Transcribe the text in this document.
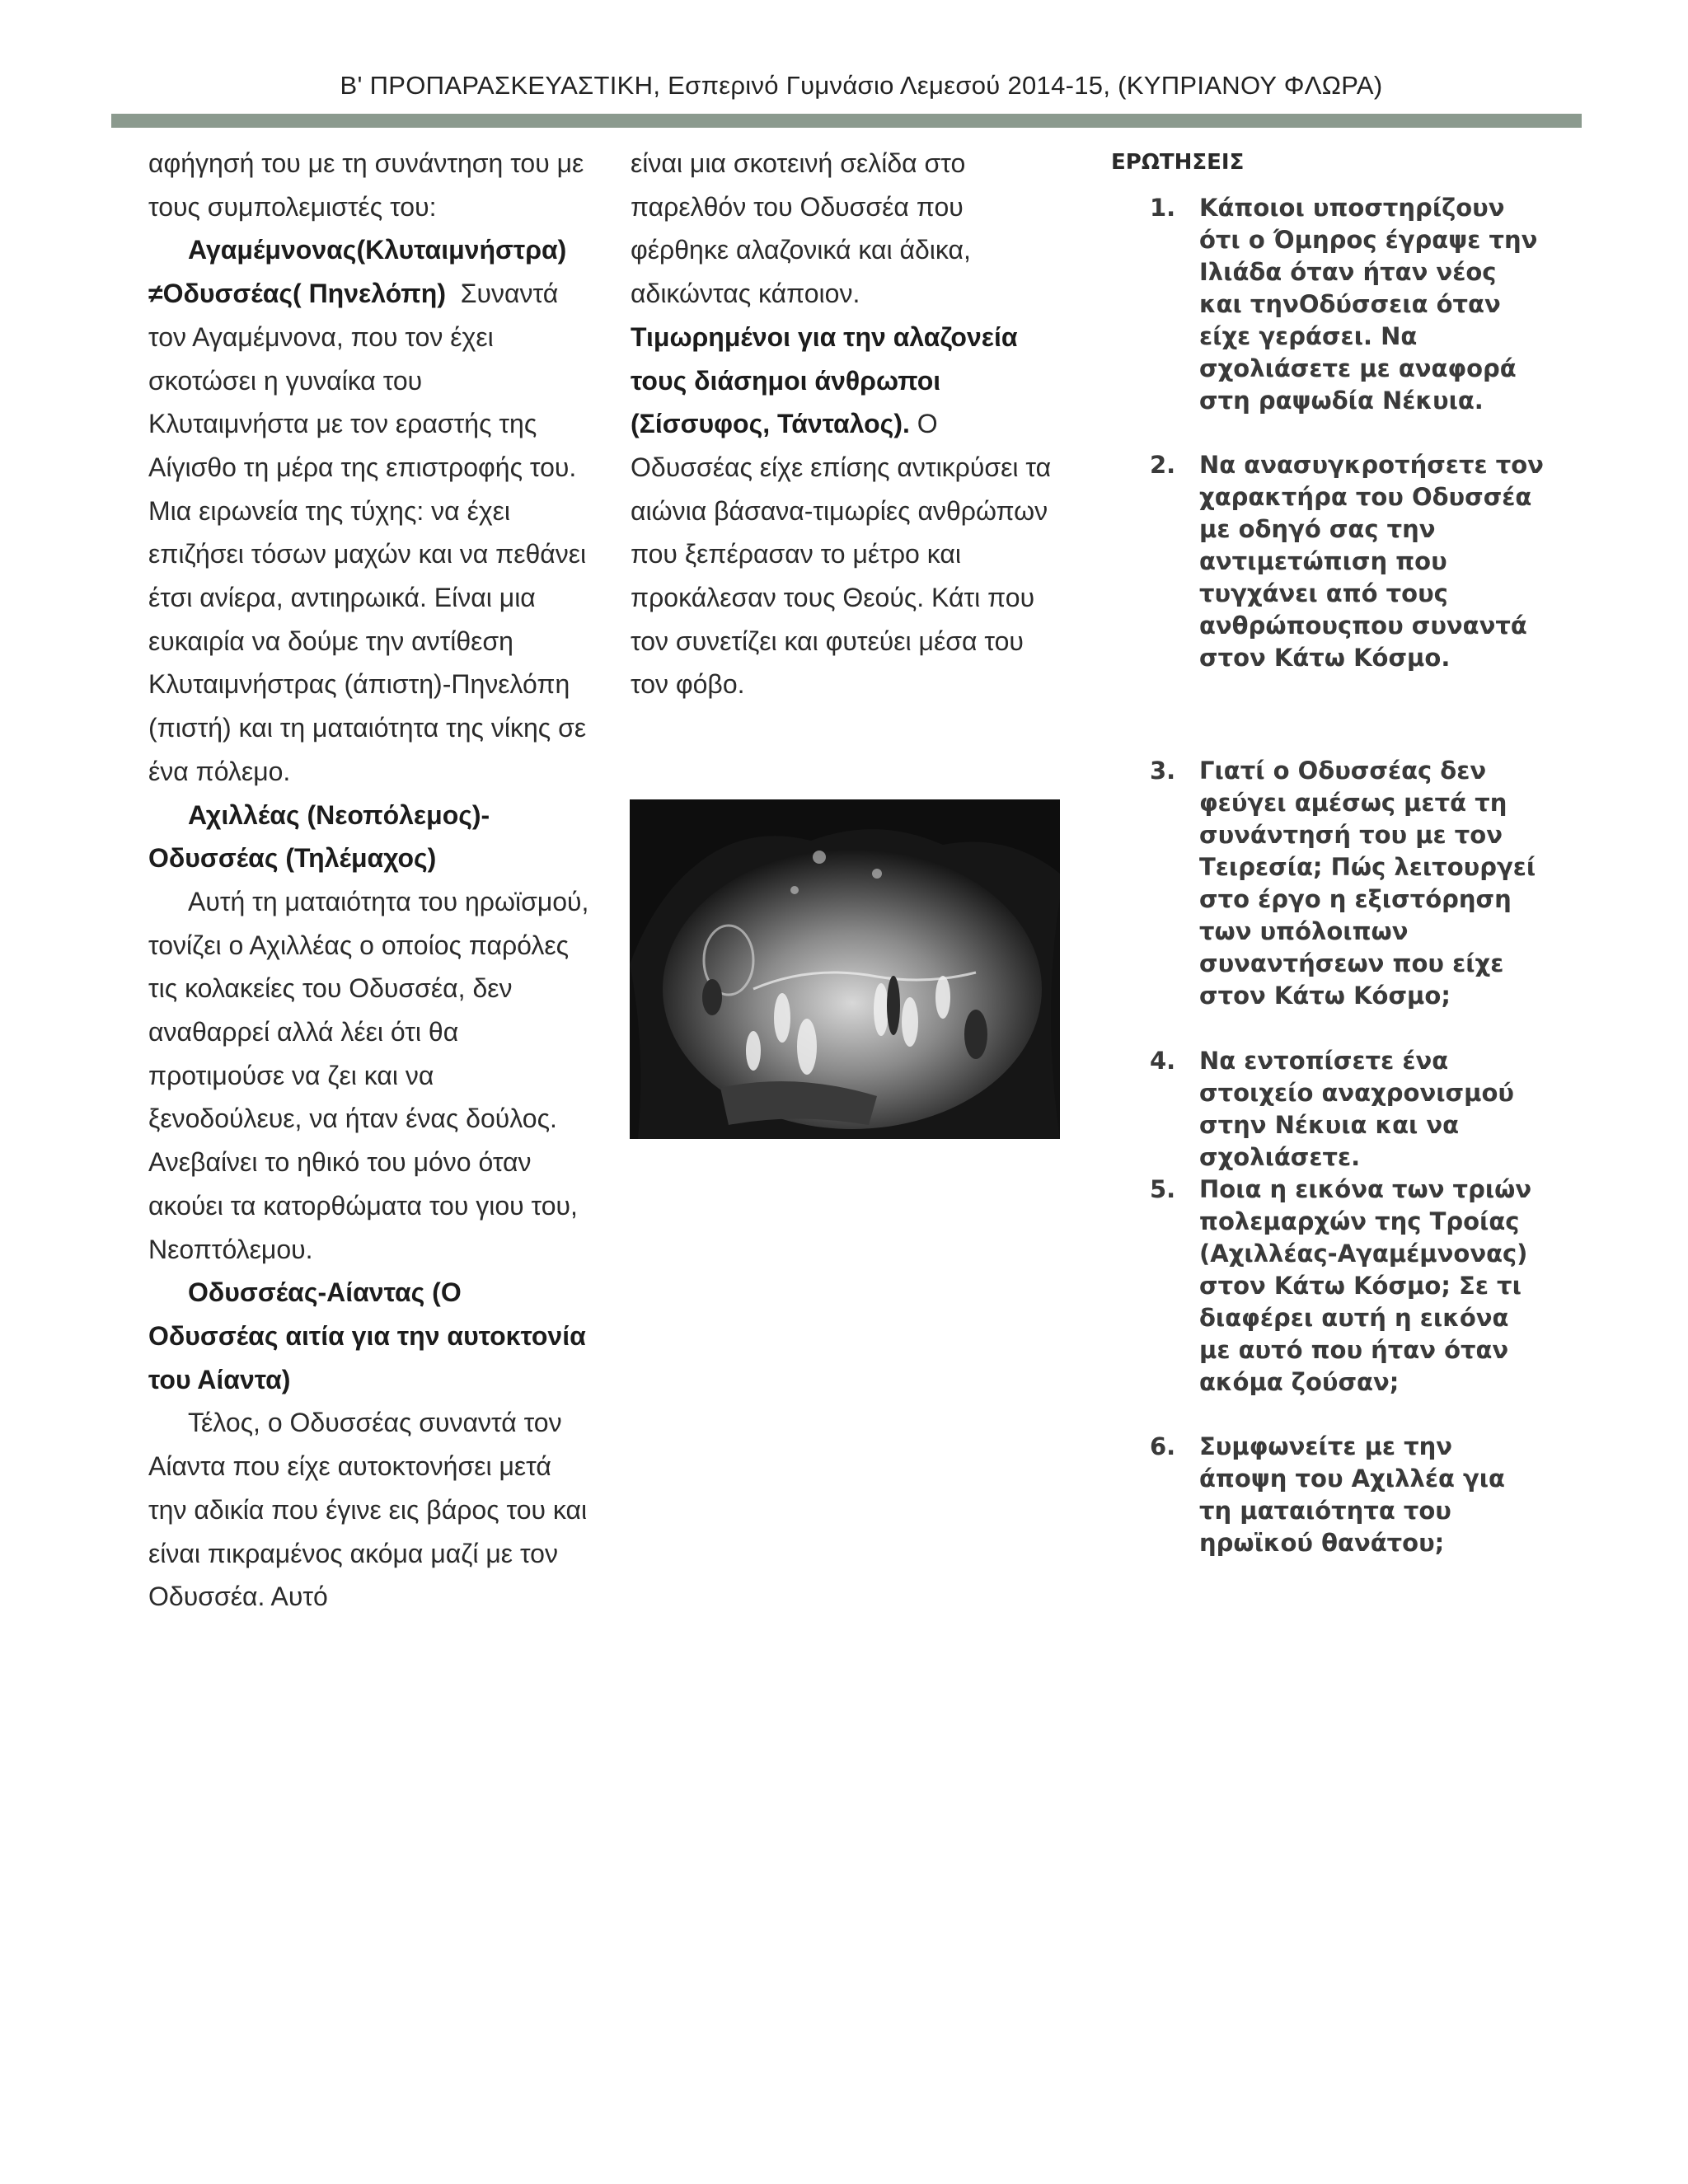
Β' ΠΡΟΠΑΡΑΣΚΕΥΑΣΤΙΚΗ, Εσπερινό Γυμνάσιο Λεμεσού 2014-15, (ΚΥΠΡΙΑΝΟΥ ΦΛΩΡΑ)

αφήγησή του με τη συνάντηση του με τους συμπολεμιστές του:

Αγαμέμνονας(Κλυταιμνήστρα) ≠Οδυσσέας( Πηνελόπη) Συναντά τον Αγαμέμνονα, που τον έχει σκοτώσει η γυναίκα του Κλυταιμνήστα με τον εραστής της Αίγισθο τη μέρα της επιστροφής του. Μια ειρωνεία της τύχης: να έχει επιζήσει τόσων μαχών και να πεθάνει έτσι ανίερα, αντιηρωικά. Είναι μια ευκαιρία να δούμε την αντίθεση Κλυταιμνήστρας (άπιστη)-Πηνελόπη (πιστή) και τη ματαιότητα της νίκης σε ένα πόλεμο.

Αχιλλέας (Νεοπόλεμος)-Οδυσσέας (Τηλέμαχος)

Αυτή τη ματαιότητα του ηρωϊσμού, τονίζει ο Αχιλλέας ο οποίος παρόλες τις κολακείες του Οδυσσέα, δεν αναθαρρεί αλλά λέει ότι θα προτιμούσε να ζει και να ξενοδούλευε, να ήταν ένας δούλος. Ανεβαίνει το ηθικό του μόνο όταν ακούει τα κατορθώματα του γιου του, Νεοπτόλεμου.

Οδυσσέας-Αίαντας (Ο Οδυσσέας αιτία για την αυτοκτονία του Αίαντα)

Τέλος, ο Οδυσσέας συναντά τον Αίαντα που είχε αυτοκτονήσει μετά την αδικία που έγινε εις βάρος του και είναι πικραμένος ακόμα μαζί με τον Οδυσσέα. Αυτό

είναι μια σκοτεινή σελίδα στο παρελθόν του Οδυσσέα που φέρθηκε αλαζονικά και άδικα, αδικώντας κάποιον.

Τιμωρημένοι για την αλαζονεία τους διάσημοι άνθρωποι (Σίσσυφος, Τάνταλος). Ο Οδυσσέας είχε επίσης αντικρύσει τα αιώνια βάσανα-τιμωρίες ανθρώπων που ξεπέρασαν το μέτρο και προκάλεσαν τους Θεούς. Κάτι που τον συνετίζει και φυτεύει μέσα του τον φόβο.

ΕΡΩΤΗΣΕΙΣ
1. Κάποιοι υποστηρίζουν ότι ο Όμηρος έγραψε την Ιλιάδα όταν ήταν νέος και τηνΟδύσσεια όταν είχε γεράσει. Να σχολιάσετε με αναφορά στη ραψωδία Νέκυια.
2. Να ανασυγκροτήσετε τον χαρακτήρα του Οδυσσέα με οδηγό σας την αντιμετώπιση που τυγχάνει από τους ανθρώπουςπου συναντά στον Κάτω Κόσμο.
3. Γιατί ο Οδυσσέας δεν φεύγει αμέσως μετά τη συνάντησή του με τον Τειρεσία; Πώς λειτουργεί στο έργο η εξιστόρηση των υπόλοιπων συναντήσεων που είχε στον Κάτω Κόσμο;
4. Να εντοπίσετε ένα στοιχείο αναχρονισμού στην Νέκυια και να σχολιάσετε.
5. Ποια η εικόνα των τριών πολεμαρχών της Τροίας (Αχιλλέας-Αγαμέμνονας) στον Κάτω Κόσμο; Σε τι διαφέρει αυτή η εικόνα με αυτό που ήταν όταν ακόμα ζούσαν;
6. Συμφωνείτε με την άποψη του Αχιλλέα για τη ματαιότητα του ηρωϊκού θανάτου;
